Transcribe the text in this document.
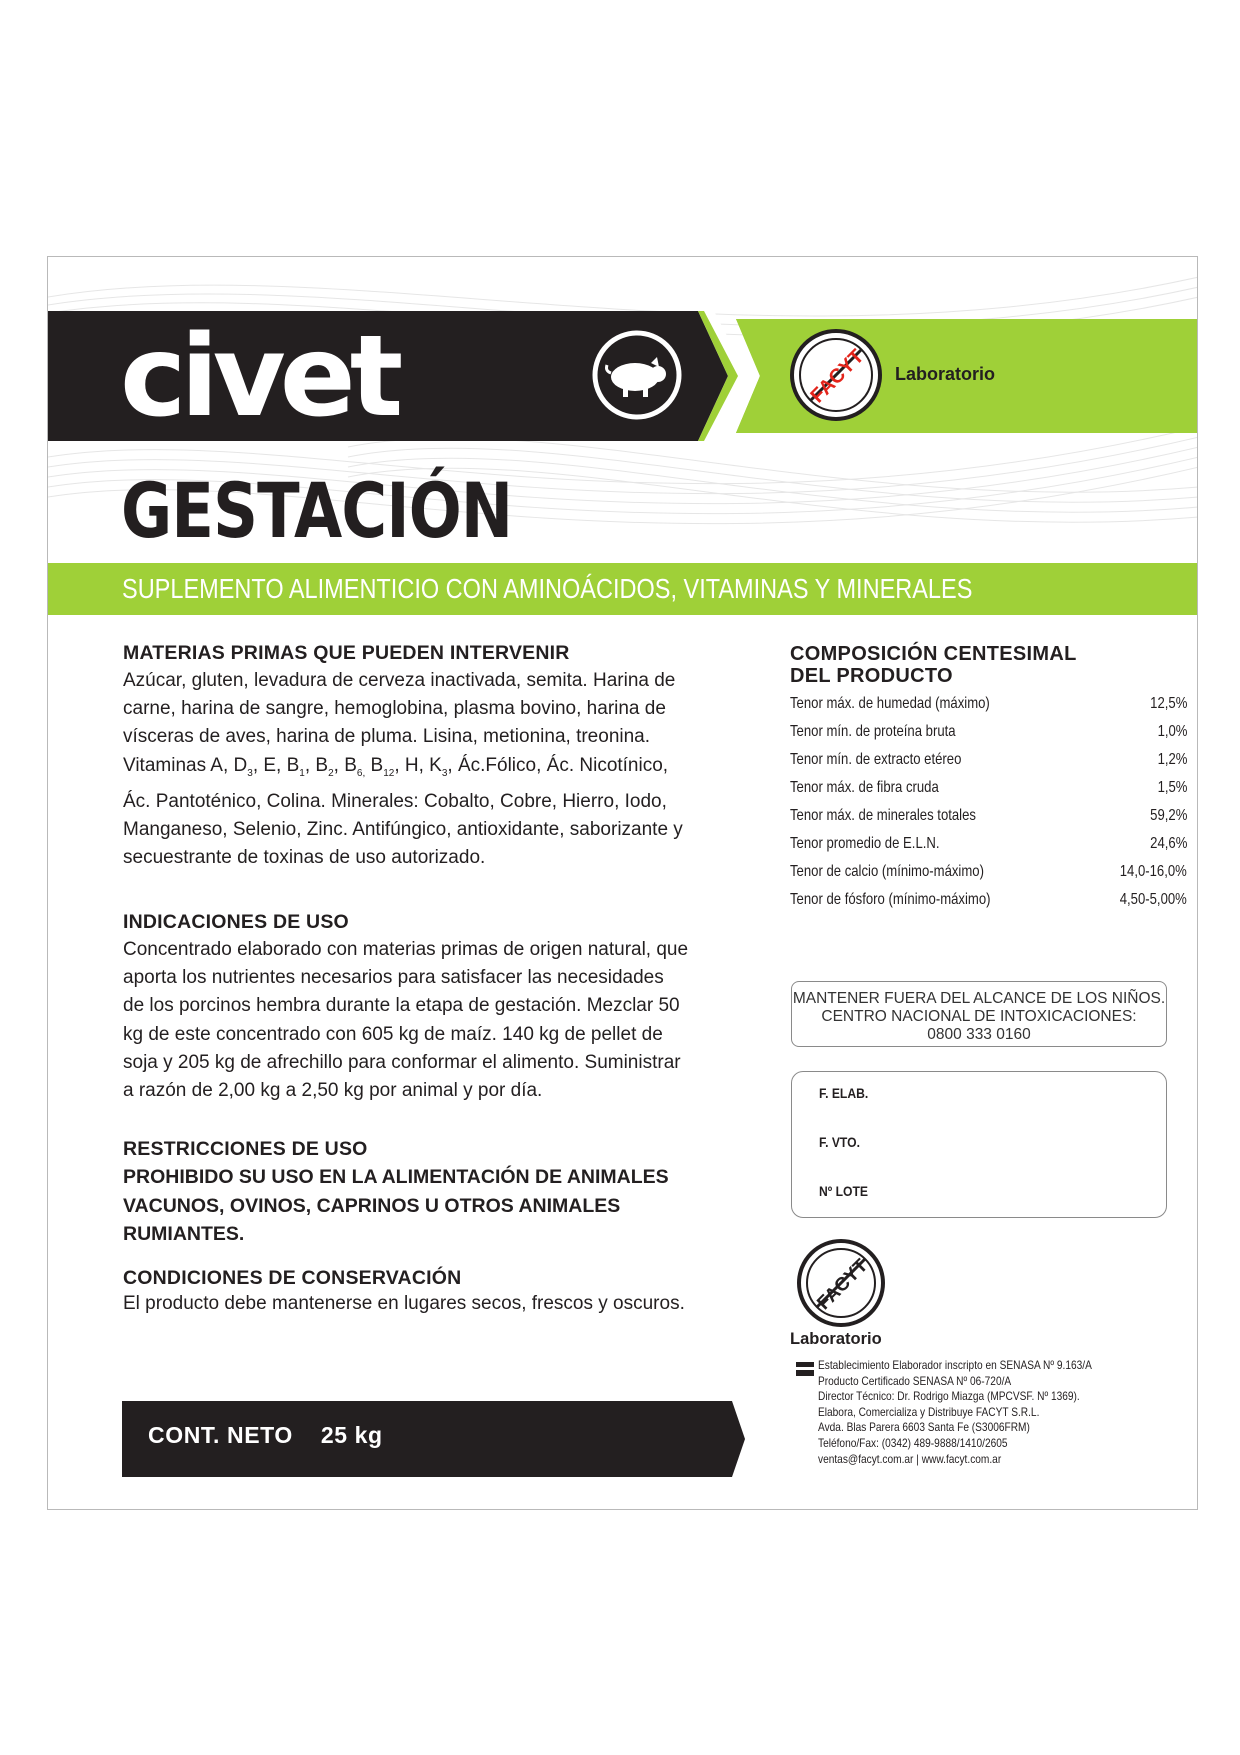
civet	FACYT Laboratorio
GESTACIÓN
SUPLEMENTO ALIMENTICIO CON AMINOÁCIDOS, VITAMINAS Y MINERALES

MATERIAS PRIMAS QUE PUEDEN INTERVENIR

Azúcar, gluten, levadura de cerveza inactivada, semita. Harina de

carne, harina de sangre, hemoglobina, plasma bovino, harina de

vísceras de aves, harina de pluma. Lisina, metionina, treonina.

Vitaminas A, $D_3$, E, $B_1$, $B_2$, $B_{6,}$ $B_{12}$, H, $K_3$, Ác.Fólico, Ác. Nicotínico,

Ác. Pantoténico, Colina. Minerales: Cobalto, Cobre, Hierro, Iodo,

Manganeso, Selenio, Zinc. Antifúngico, antioxidante, saborizante y

secuestrante de toxinas de uso autorizado.

INDICACIONES DE USO

Concentrado elaborado con materias primas de origen natural, que

aporta los nutrientes necesarios para satisfacer las necesidades

de los porcinos hembra durante la etapa de gestación. Mezclar 50

kg de este concentrado con 605 kg de maíz. 140 kg de pellet de

soja y 205 kg de afrechillo para conformar el alimento. Suministrar

a razón de 2,00 kg a 2,50 kg por animal y por día.

RESTRICCIONES DE USO

PROHIBIDO SU USO EN LA ALIMENTACIÓN DE ANIMALES

VACUNOS, OVINOS, CAPRINOS U OTROS ANIMALES

RUMIANTES.

CONDICIONES DE CONSERVACIÓN

El producto debe mantenerse en lugares secos, frescos y oscuros.

CONT. NETO    25 kg
COMPOSICIÓN CENTESIMAL
DEL PRODUCTO
Tenor máx. de humedad (máximo)	12,5%
Tenor mín. de proteína bruta	1,0%
Tenor mín. de extracto etéreo	1,2%
Tenor máx. de fibra cruda	1,5%
Tenor máx. de minerales totales	59,2%
Tenor promedio de E.L.N.	24,6%
Tenor de calcio (mínimo-máximo)	14,0-16,0%
Tenor de fósforo (mínimo-máximo)	4,50-5,00%
MANTENER FUERA DEL ALCANCE DE LOS NIÑOS.
CENTRO NACIONAL DE INTOXICACIONES:
0800 333 0160
F. ELAB.
F. VTO.
Nº LOTE
FACYT
Laboratorio
Establecimiento Elaborador inscripto en SENASA Nº 9.163/A
Producto Certificado SENASA Nº 06-720/A
Director Técnico: Dr. Rodrigo Miazga (MPCVSF. Nº 1369).
Elabora, Comercializa y Distribuye FACYT S.R.L.
Avda. Blas Parera 6603 Santa Fe (S3006FRM)
Teléfono/Fax: (0342) 489-9888/1410/2605
ventas@facyt.com.ar | www.facyt.com.ar
